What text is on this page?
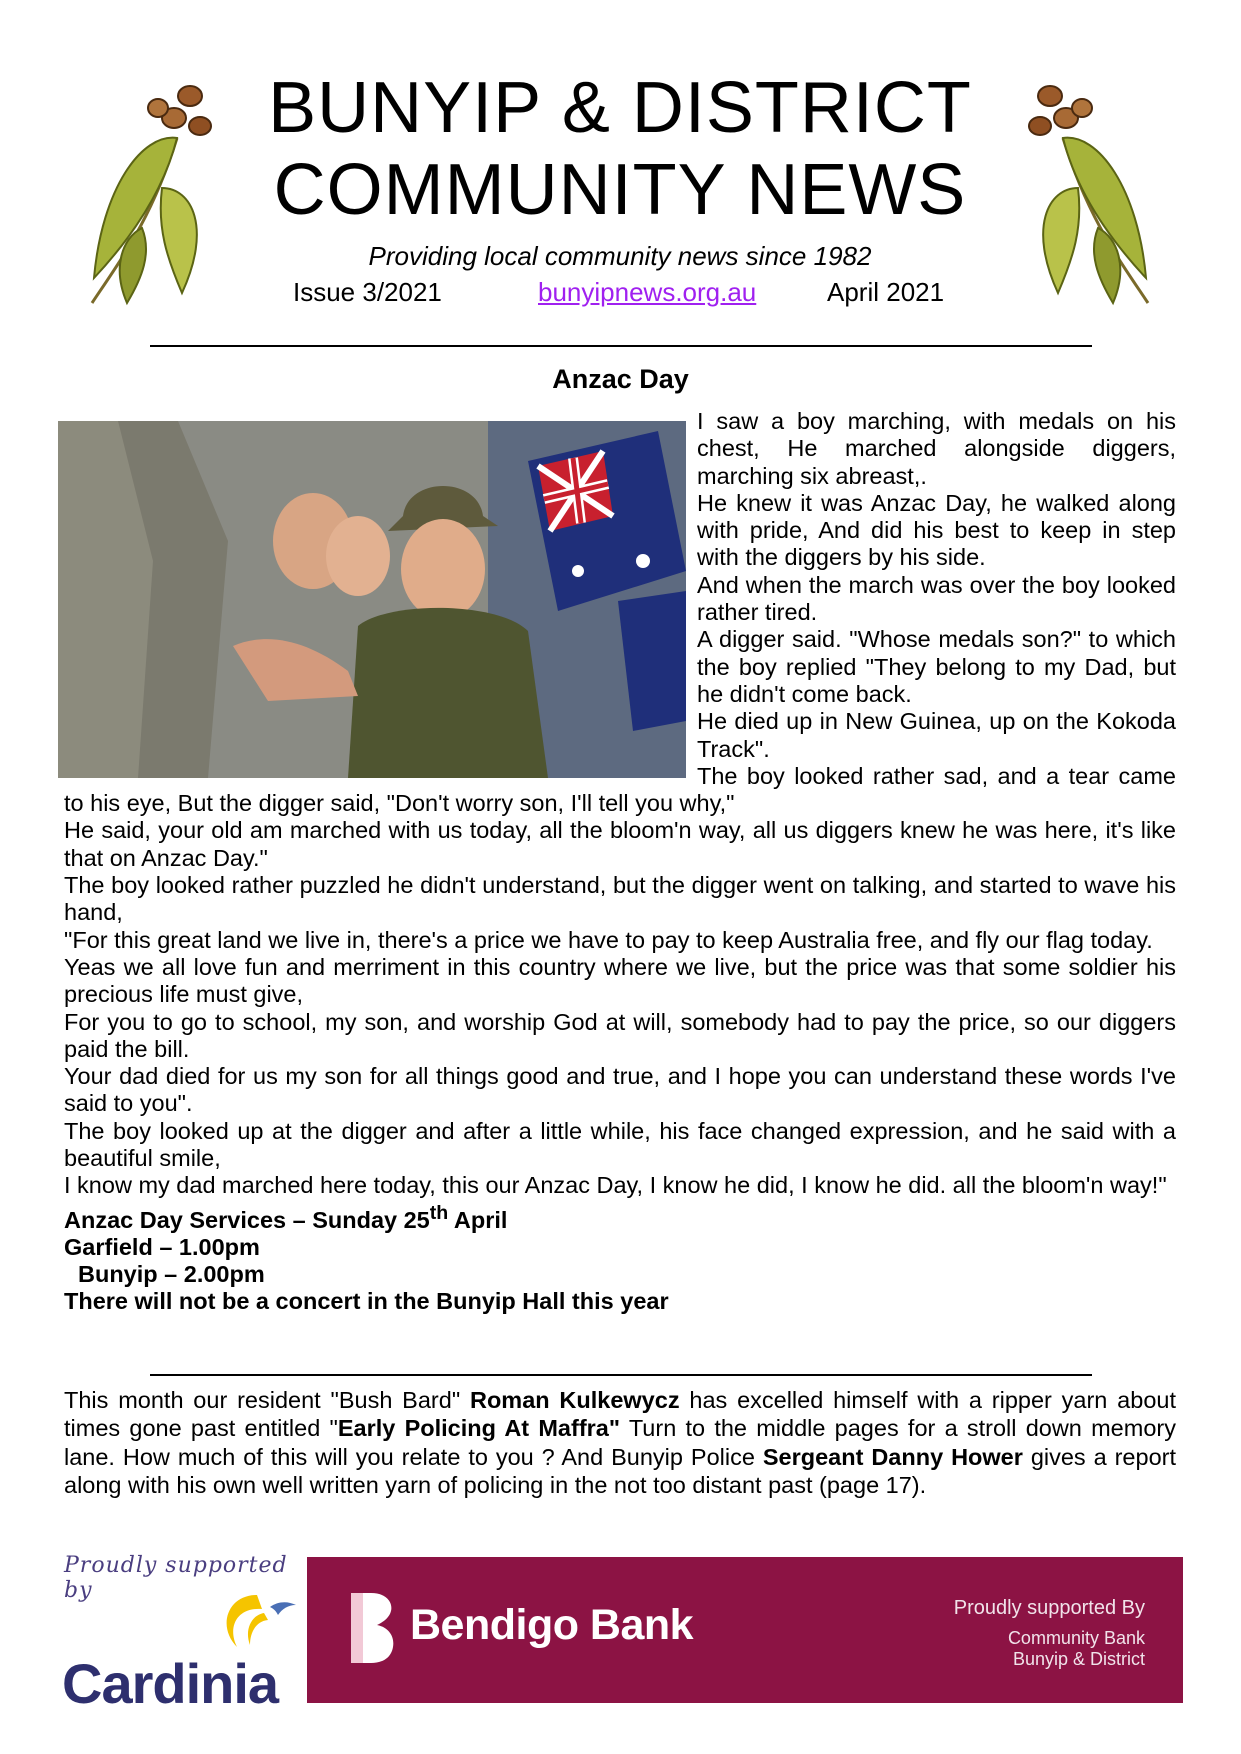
BUNYIP & DISTRICT
COMMUNITY NEWS
Providing local community news since 1982
Issue 3/2021	bunyipnews.org.au	April 2021
Anzac Day

I saw a boy marching, with medals on his chest, He marched alongside diggers, marching six abreast,.

He knew it was Anzac Day, he walked along with pride, And did his best to keep in step with the diggers by his side.

And when the march was over the boy looked rather tired.

A digger said. "Whose medals son?" to which the boy replied "They belong to my Dad, but he didn't come back.

He died up in New Guinea, up on the Kokoda Track".

The boy looked rather sad, and a tear came to his eye, But the digger said, "Don't worry son, I'll tell you why,"

He said, your old am marched with us today, all the bloom'n way, all us diggers knew he was here, it's like that on Anzac Day."

The boy looked rather puzzled he didn't understand, but the digger went on talking, and started to wave his hand,

"For this great land we live in, there's a price we have to pay to keep Australia free, and fly our flag today.

Yeas we all love fun and merriment in this country where we live, but the price was that some soldier his precious life must give,

For you to go to school, my son, and worship God at will, somebody had to pay the price, so our diggers paid the bill.

Your dad died for us my son for all things good and true, and I hope you can understand these words I've said to you".

The boy looked up at the digger and after a little while, his face changed expression, and he said with a beautiful smile,

I know my dad marched here today, this our Anzac Day, I know he did, I know he did. all the bloom'n way!"

Anzac Day Services – Sunday 25th April

Garfield – 1.00pm

Bunyip – 2.00pm

There will not be a concert in the Bunyip Hall this year

This month our resident "Bush Bard" Roman Kulkewycz has excelled himself with a ripper yarn about times gone past entitled "Early Policing At Maffra" Turn to the middle pages for a stroll down memory lane. How much of this will you relate to you ? And Bunyip Police Sergeant Danny Hower gives a report along with his own well written yarn of policing in the not too distant past (page 17).
Proudly supported by
Cardinia
Bendigo Bank	Proudly supported By
Community Bank
Bunyip & District
